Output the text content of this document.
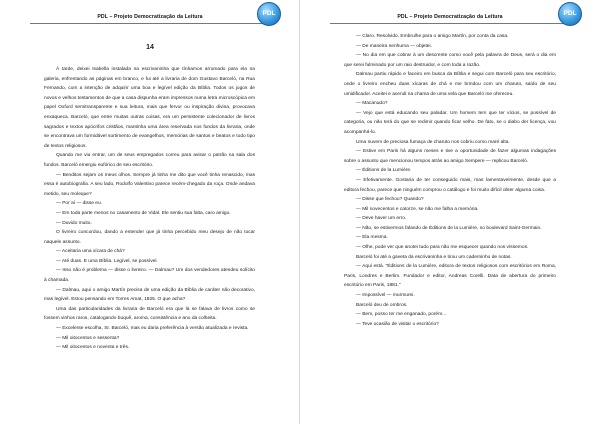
PDL – Projeto Democratização da Leitura	PDL
14

À tarde, deixei Isabella instalada na escrivaninha que tínhamos arrumado para ela na galeria, enfrentando as páginas em branco, e fui até a livraria de dom Gustavo Barceló, na Rua Fernando, com a intenção de adquirir uma boa e legível edição da Bíblia. Todos os jogos de novos e velhos testamentos de que a casa dispunha eram impressos numa letra microscópica em papel Oxford semitransparente e sua leitura, mais que fervor ou inspiração divina, provocava enxaqueca. Barceló, que entre muitas outras coisas, era um persistente colecionador de livros sagrados e textos apócrifos cristãos, mantinha uma área reservada nos fundos da livraria, onde se encontrava um formidável sortimento de evangelhos, memórias de santos e beatos e todo tipo de textos religiosos.

Quando me viu entrar, um de seus empregados correu para avisar o patrão na sala dos fundos. Barceló emergiu eufórico de seu escritório.

— Benditos sejam os meus olhos. Sempre já tinha me dito que você tinha renascido, mas essa é autobiografia. A seu lado, Rodolfo Valentino parece recém-chegado da roça. Onde andava metido, seu moleque?

— Por aí — disse eu.

— Em toda parte menos no casamento de Vidal. Ele sentiu sua falta, caro amigo.

— Duvido muito.

O livreiro concordou, dando a entender que já tinha percebido meu desejo de não tocar naquele assunto.

— Aceitaria uma xícara de chá?

— Até duas. E uma Bíblia. Legível, se possível.

— Isso não é problema — disse o livreiro. — Dalmau? Um dos vendedores atendeu solícito à chamada.

— Dalmau, aqui o amigo Martín precisa de uma edição da Bíblia de caráter não decorativo, mas legível. Estou pensando em Torres Amat, 1825. O que acha?

Uma das particularidades da livraria de Barceló era que lá se falava de livros como se fossem vinhos raros, catalogando buquê, aroma, consistência e ano da colheita.

— Excelente escolha, Sr. Barceló, mas eu daria preferência à versão atualizada e revista.

— Mil oitocentos e sessenta?

— Mil oitocentos e noventa e três.

PDL – Projeto Democratização da Leitura	PDL

— Claro. Resolvido. Embrulhe para o amigo Martín, por conta da casa.

— De maneira nenhuma — objetei.

— No dia em que cobrar à um descrente como você pela palavra de Deus, será o dia em que serei fulminado por um raio destruidor, e com toda a razão.

Dalmau partiu rápido e faceiro em busca da Bíblia e segui com Barceló para seu escritório, onde o livreiro encheu duas xícaras de chá e me brindou com um charuto, saído de seu umidificador. Aceitei e acendi na chama de uma vela que Barceló me ofereceu.

— Macanudo?

— Vejo que está educando seu paladar. Um homem tem que ter vícios, se possível de categoria, ou não terá do que se redimir quando ficar velho. De fato, se o diabo der licença, vou acompanhá-lo.

Uma nuvem de preciosa fumaça de charuto nos cobriu como maré alta.

— Estive em Paris há alguns meses e tive a oportunidade de fazer algumas indagações sobre o assunto que mencionou tempos atrás ao amigo Sempere — replicou Barceló.

— Éditions de la Lumière.

— Efetivamente. Gostaria de ter conseguido mais, mas lamentavelmente, desde que a editora fechou, parece que ninguém comprou o catálogo e foi muito difícil obter alguma coisa.

— Disse que fechou? Quando?

— Mil novecentos e catorze, se não me falha a memória.

— Deve haver um erro.

— Não, se estivermos falando de Éditions de la Lumière, no boulevard Saint-Germain.

— Ela mesma.

— Olhe, pode ver que anotei tudo para não me esquecer quando nos víssemos.

Barceló foi até a gaveta da escrivaninha e tirou um caderninho de notas.

— Aqui está. "Éditions de la Lumière, editora de textos religiosos com escritórios em Roma, Paris, Londres e Berlim. Fundador e editor, Andreas Corelli. Data de abertura do primeiro escritório em Paris, 1881."

— Impossível — murmurei.

Barceló deu de ombros.

— Bem, posso ter me enganado, porém...

— Teve ocasião de visitar o escritório?
